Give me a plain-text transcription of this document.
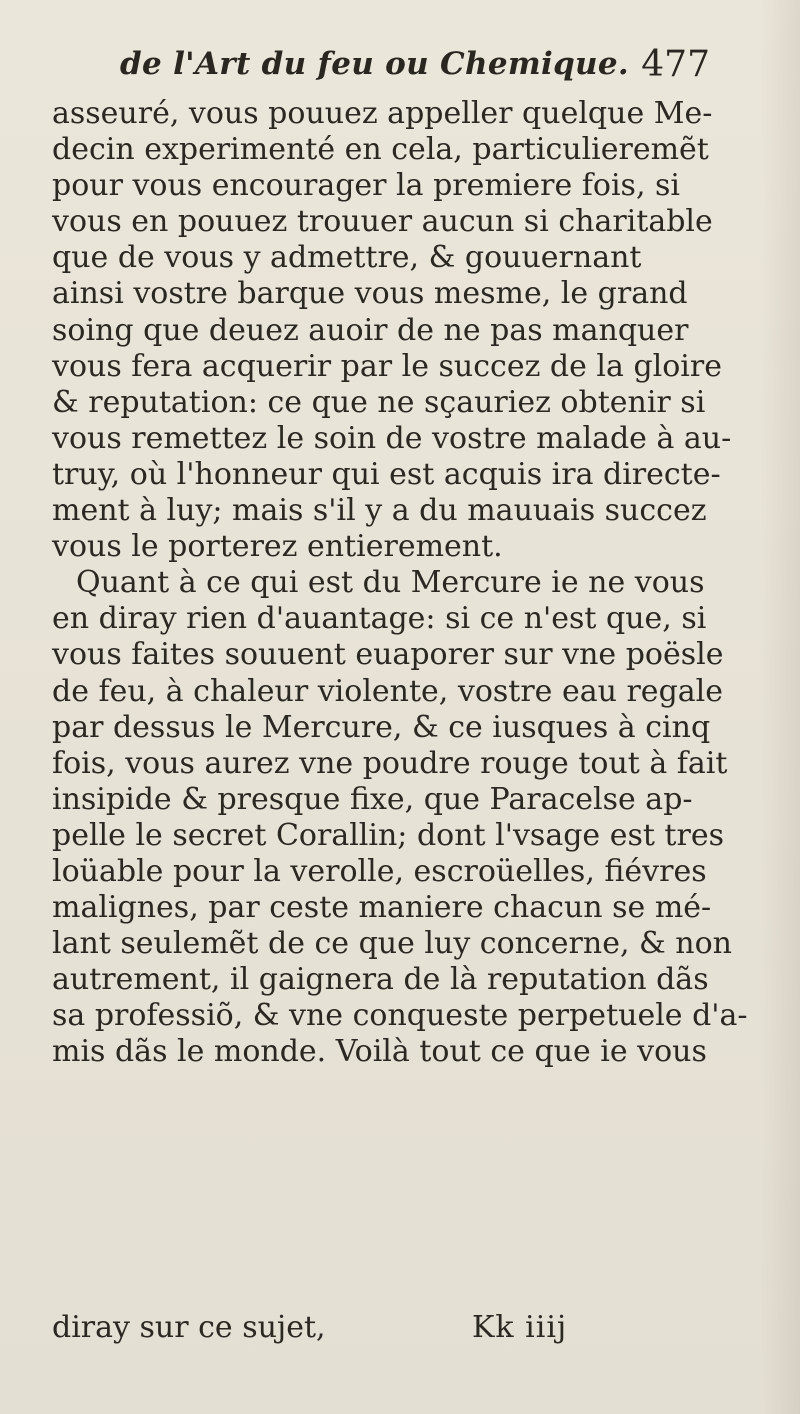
de l'Art du feu ou Chemique. 477
asseuré, vous pouuez appeller quelque Me-
decin experimenté en cela, particulieremẽt
pour vous encourager la premiere fois, si
vous en pouuez trouuer aucun si charitable
que de vous y admettre, & gouuernant
ainsi vostre barque vous mesme, le grand
soing que deuez auoir de ne pas manquer
vous fera acquerir par le succez de la gloire
& reputation: ce que ne sçauriez obtenir si
vous remettez le soin de vostre malade à au-
truy, où l'honneur qui est acquis ira directe-
ment à luy; mais s'il y a du mauuais succez
vous le porterez entierement.
Quant à ce qui est du Mercure ie ne vous
en diray rien d'auantage: si ce n'est que, si
vous faites souuent euaporer sur vne poësle
de feu, à chaleur violente, vostre eau regale
par dessus le Mercure, & ce iusques à cinq
fois, vous aurez vne poudre rouge tout à fait
insipide & presque fixe, que Paracelse ap-
pelle le secret Corallin; dont l'vsage est tres
loüable pour la verolle, escroüelles, fiévres
malignes, par ceste maniere chacun se mé-
lant seulemẽt de ce que luy concerne, & non
autrement, il gaignera de là reputation dãs
sa professiõ, & vne conqueste perpetuele d'a-
mis dãs le monde. Voilà tout ce que ie vous
diray sur ce sujet,	Kk iiij
